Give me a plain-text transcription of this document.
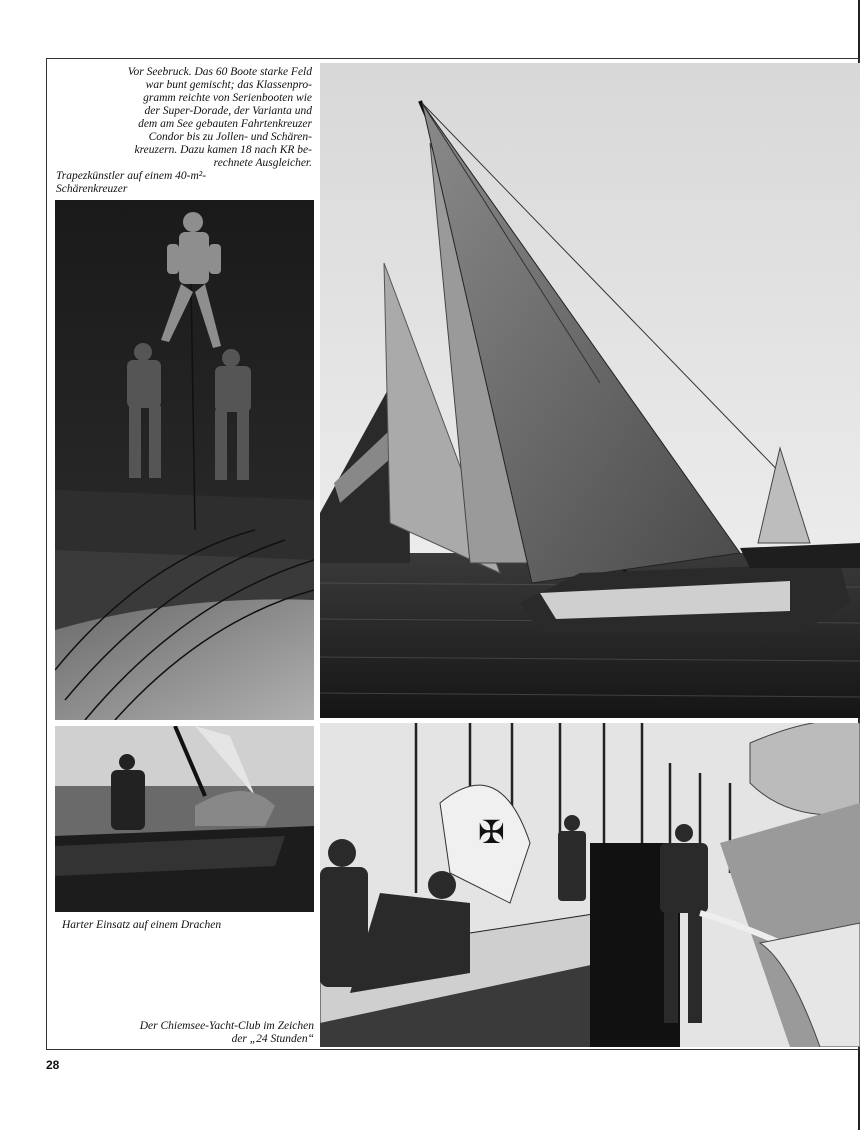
Vor Seebruck. Das 60 Boote starke Feld
war bunt gemischt; das Klassenpro-
gramm reichte von Serienbooten wie
der Super-Dorade, der Varianta und
dem am See gebauten Fahrtenkreuzer
Condor bis zu Jollen- und Schären-
kreuzern. Dazu kamen 18 nach KR be-
rechnete Ausgleicher.
Trapezkünstler auf einem 40-m²-
Schärenkreuzer
Harter Einsatz auf einem Drachen
✠
Der Chiemsee-Yacht-Club im Zeichen
der „24 Stunden“
28
